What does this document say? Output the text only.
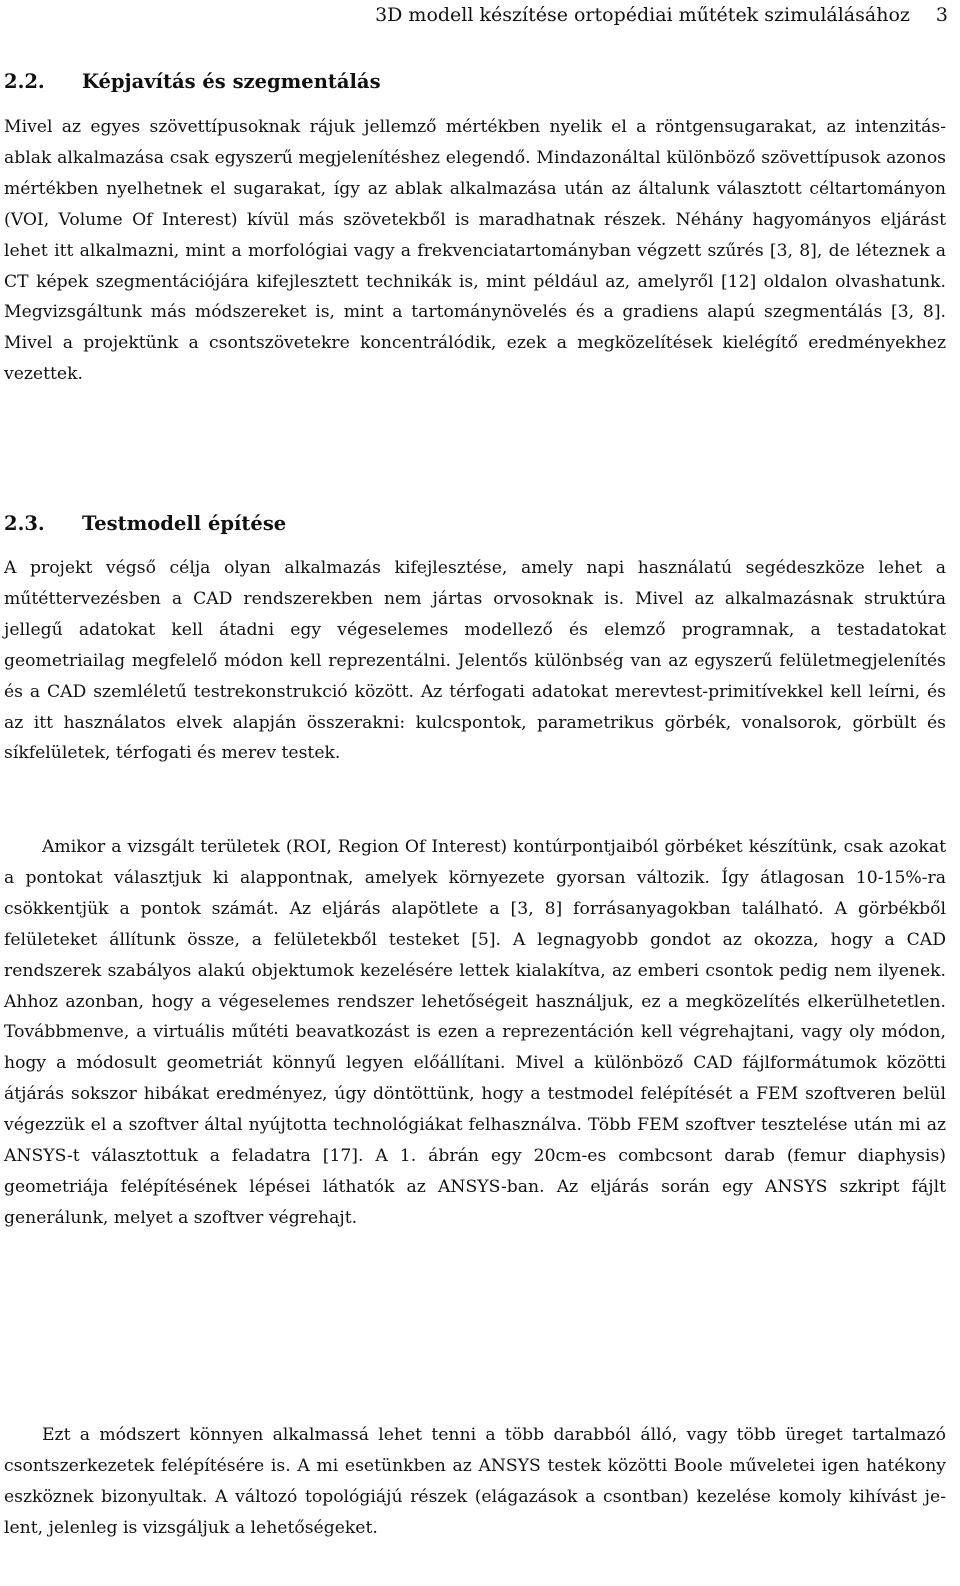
3D modell készítése ortopédiai műtétek szimulálásához 3
2.2. Képjavítás és szegmentálás
Mivel az egyes szövettípusoknak rájuk jellemző mértékben nyelik el a röntgensugarakat, az intenzitás-ablak alkalmazása csak egyszerű megjelenítéshez elegendő. Mindazonáltal különböző szövettípusok azonos mértékben nyelhetnek el sugarakat, így az ablak alkalmazása után az általunk választott céltartományon (VOI, Volume Of Interest) kívül más szövetekből is maradhatnak részek. Néhány hagyományos eljárást lehet itt alkalmazni, mint a morfológiai vagy a frekvenciatartományban végzett szűrés [3, 8], de léteznek a CT képek szegmentációjára kifejlesztett technikák is, mint például az, amelyről [12] oldalon olvashatunk. Megvizsgáltunk más módszereket is, mint a tartománynövelés és a gradiens alapú szegmentálás [3, 8]. Mivel a projektünk a csontszövetekre koncentrálódik, ezek a megközelítések kielégítő eredményekhez vezettek.
2.3. Testmodell építése
A projekt végső célja olyan alkalmazás kifejlesztése, amely napi használatú segédeszköze lehet a műtéttervezésben a CAD rendszerekben nem jártas orvosoknak is. Mivel az alkalmazásnak struktúra jellegű adatokat kell átadni egy végeselemes modellező és elemző programnak, a testadatokat geometriailag megfelelő módon kell reprezentálni. Jelentős különbség van az egyszerű felületmegjelenítés és a CAD szemléletű testrekonstrukció között. Az térfogati adatokat merevtest-primitívekkel kell leírni, és az itt használatos elvek alapján összerakni: kulcspontok, parametrikus görbék, vonalsorok, görbült és síkfelületek, térfogati és merev testek.
Amikor a vizsgált területek (ROI, Region Of Interest) kontúrpontjaiból görbéket készítünk, csak azokat a pontokat választjuk ki alappontnak, amelyek környezete gyorsan változik. Így átlagosan 10-15%-ra csökkentjük a pontok számát. Az eljárás alapötlete a [3, 8] forrásanyagokban található. A görbékből felületeket állítunk össze, a felületekből testeket [5]. A legnagyobb gondot az okozza, hogy a CAD rendszerek szabályos alakú objektumok kezelésére lettek kialakítva, az emberi csontok pedig nem ilyenek. Ahhoz azonban, hogy a végeselemes rendszer lehetőségeit használjuk, ez a megközelítés elkerülhetetlen. Továbbmenve, a virtuális műtéti beavatkozást is ezen a reprezentáción kell végrehajtani, vagy oly módon, hogy a módosult geometriát könnyű legyen előállítani. Mivel a különböző CAD fájlformátumok közötti átjárás sokszor hibákat eredményez, úgy döntöttünk, hogy a testmodel felépítését a FEM szoftveren belül végezzük el a szoftver által nyújtotta technológiákat felhasználva. Több FEM szoftver tesztelése után mi az ANSYS-t választottuk a feladatra [17]. A 1. ábrán egy 20cm-es combcsont darab (femur diaphysis) geometriája felépítésének lépései láthatók az ANSYS-ban. Az eljárás során egy ANSYS szkript fájlt generálunk, melyet a szoftver végrehajt.
Ezt a módszert könnyen alkalmassá lehet tenni a több darabból álló, vagy több üreget tartalmazó csontszerkezetek felépítésére is. A mi esetünkben az ANSYS testek közötti Boole műveletei igen hatékony eszköznek bizonyultak. A változó topológiájú részek (elágazások a csontban) kezelése komoly kihívást jelent, jelenleg is vizsgáljuk a lehetőségeket.
